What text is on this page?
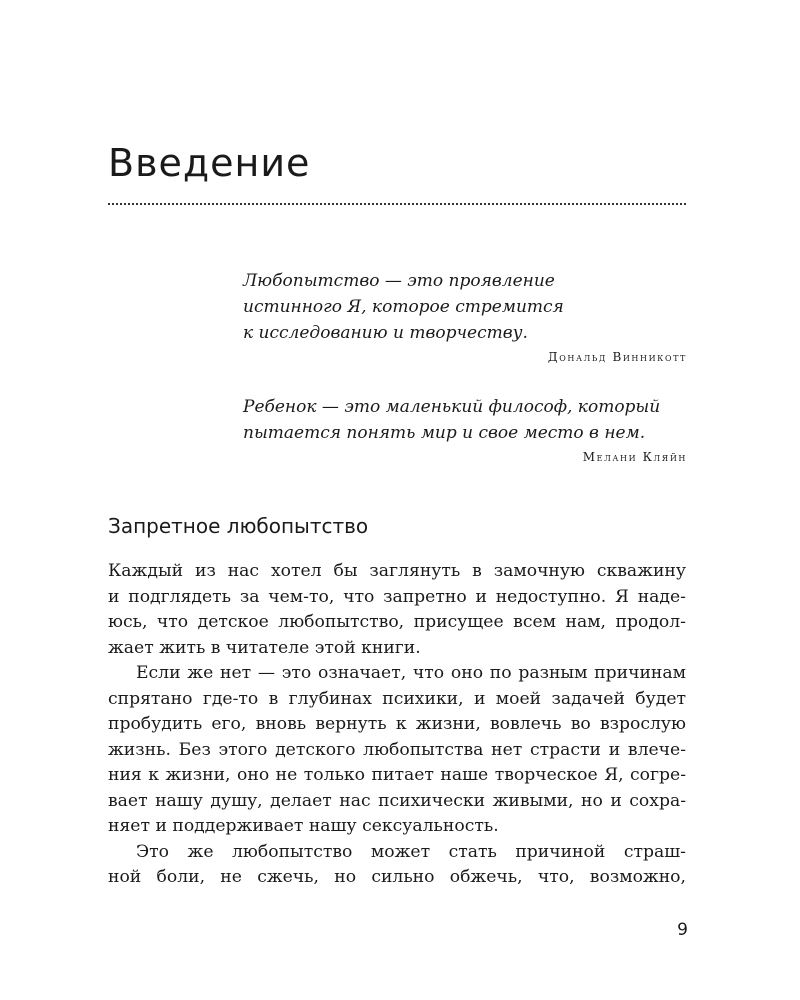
Введение

Любопытство — это проявление
истинного Я, которое стремится
к исследованию и творчеству.

Дональд Винникотт

Ребенок — это маленький философ, который
пытается понять мир и свое место в нем.

Мелани Кляйн
Запретное любопытство
Каждый из нас хотел бы заглянуть в замочную скважину
и подглядеть за чем-то, что запретно и недоступно. Я наде-
юсь, что детское любопытство, присущее всем нам, продол-
жает жить в читателе этой книги.
Если же нет — это означает, что оно по разным причинам
спрятано где-то в глубинах психики, и моей задачей будет
пробудить его, вновь вернуть к жизни, вовлечь во взрослую
жизнь. Без этого детского любопытства нет страсти и влече-
ния к жизни, оно не только питает наше творческое Я, согре-
вает нашу душу, делает нас психически живыми, но и сохра-
няет и поддерживает нашу сексуальность.
Это же любопытство может стать причиной страш-
ной боли, не сжечь, но сильно обжечь, что, возможно,
9
